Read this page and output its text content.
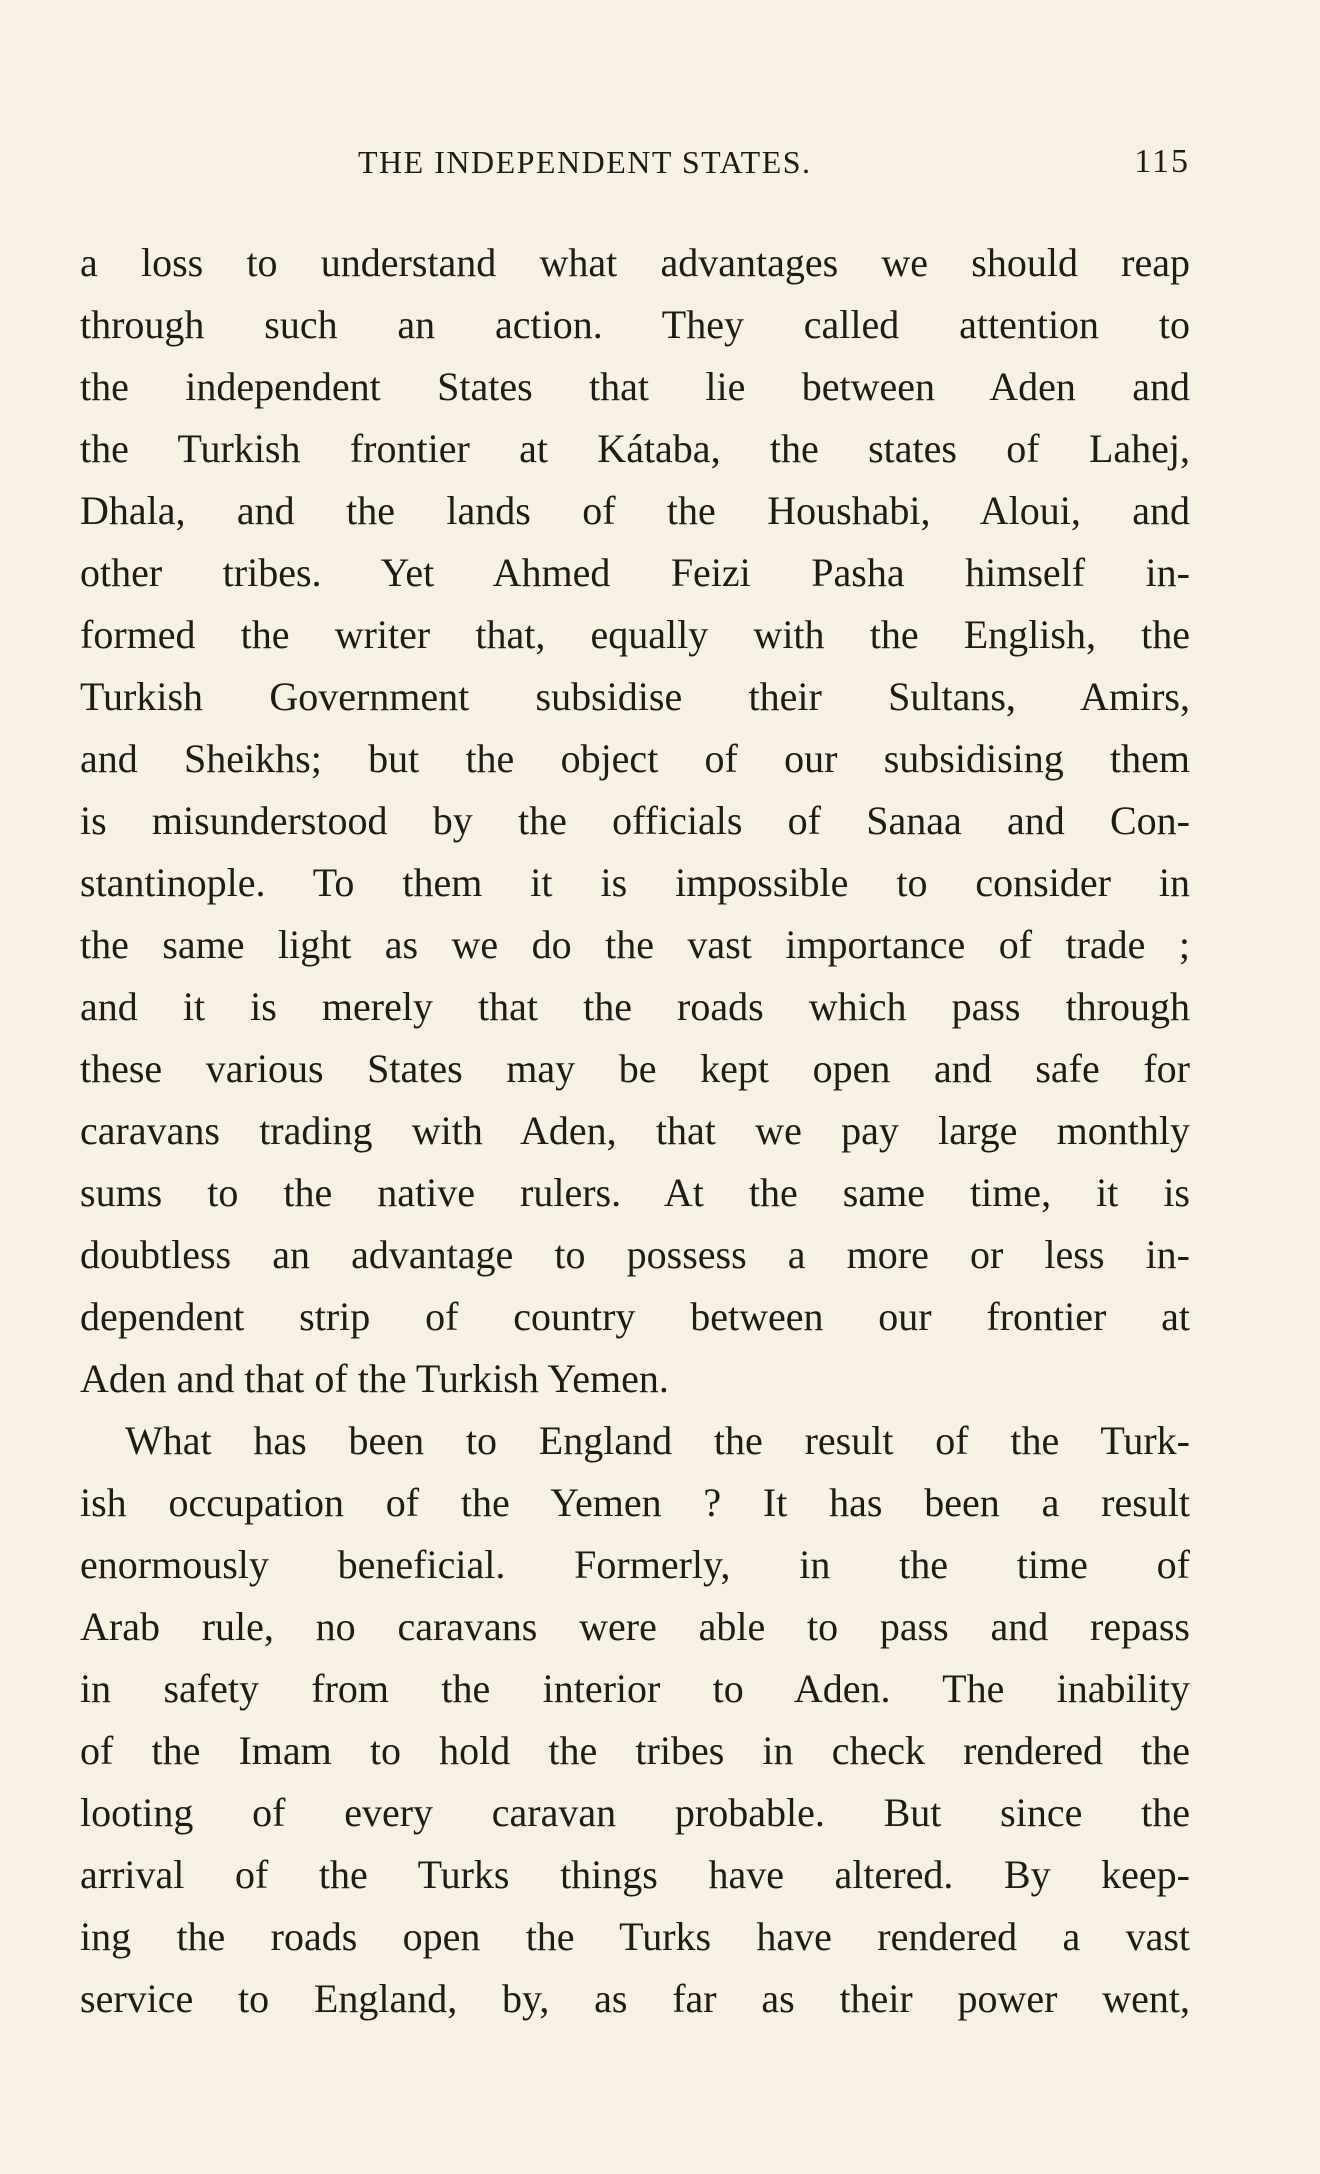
THE INDEPENDENT STATES.	115
a loss to understand what advantages we should reap
through such an action. They called attention to
the independent States that lie between Aden and
the Turkish frontier at Kátaba, the states of Lahej,
Dhala, and the lands of the Houshabi, Aloui, and
other tribes. Yet Ahmed Feizi Pasha himself in-
formed the writer that, equally with the English, the
Turkish Government subsidise their Sultans, Amirs,
and Sheikhs; but the object of our subsidising them
is misunderstood by the officials of Sanaa and Con-
stantinople. To them it is impossible to consider in
the same light as we do the vast importance of trade ;
and it is merely that the roads which pass through
these various States may be kept open and safe for
caravans trading with Aden, that we pay large monthly
sums to the native rulers. At the same time, it is
doubtless an advantage to possess a more or less in-
dependent strip of country between our frontier at
Aden and that of the Turkish Yemen.
What has been to England the result of the Turk-
ish occupation of the Yemen ? It has been a result
enormously beneficial. Formerly, in the time of
Arab rule, no caravans were able to pass and repass
in safety from the interior to Aden. The inability
of the Imam to hold the tribes in check rendered the
looting of every caravan probable. But since the
arrival of the Turks things have altered. By keep-
ing the roads open the Turks have rendered a vast
service to England, by, as far as their power went,
